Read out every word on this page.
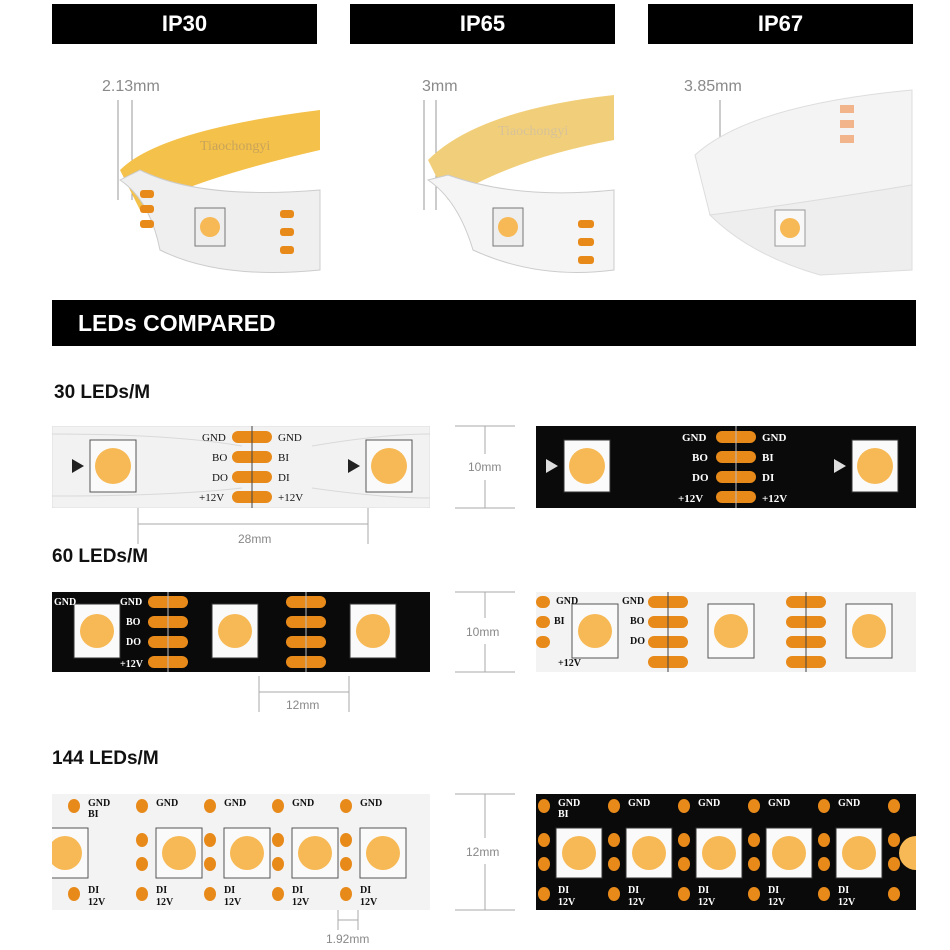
IP30	IP65	IP67
2.13mm	3mm	3.85mm
Tiaochongyi
Tiaochongyi
LEDs COMPARED
30 LEDs/M
GND	GND
BO	BI
DO	DI
+12V	+12V
28mm
10mm
GND	GND
BO	BI
DO	DI
+12V	+12V
60 LEDs/M
GND	GND
BO
DO
+12V
12mm
10mm
GND	GND
BI	BO
DO
+12V
144 LEDs/M
GND
BI
GND	GND	GND	GND
DI
12V
DI
12V
DI
12V
DI
12V
DI
12V
1.92mm
12mm
GND
BI
GND	GND	GND	GND
DI
12V
DI
12V
DI
12V
DI
12V
DI
12V
